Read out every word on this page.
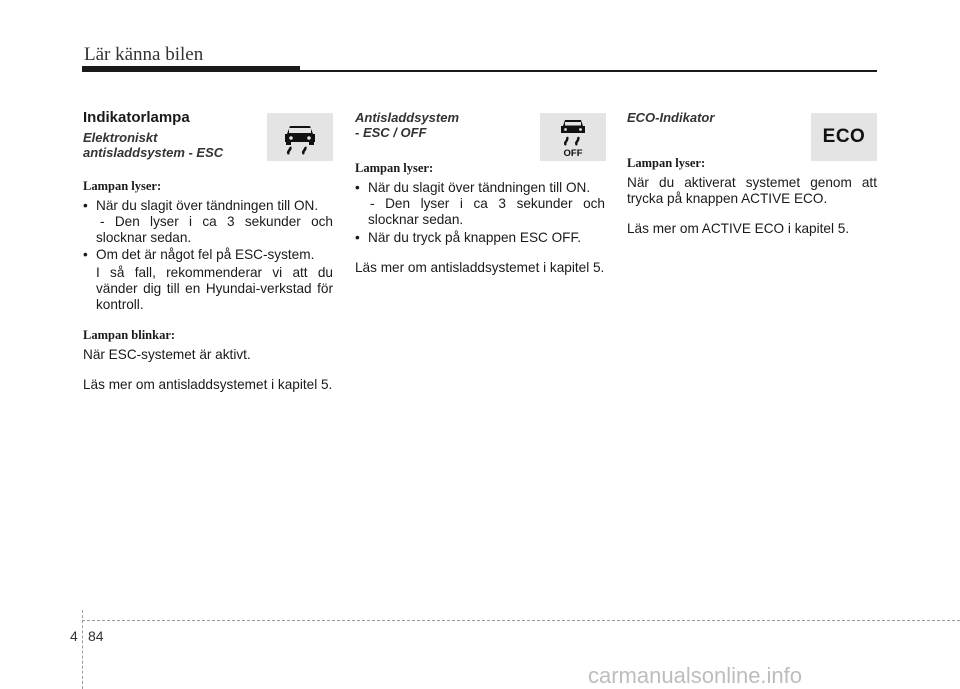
Lär känna bilen

Indikatorlampa

Elektroniskt antisladdsystem - ESC

Lampan lyser:

• När du slagit över tändningen till ON.

- Den lyser i ca 3 sekunder och slocknar sedan.

• Om det är något fel på ESC-system.

I så fall, rekommenderar vi att du vänder dig till en Hyundai-verkstad för kontroll.

Lampan blinkar:

När ESC-systemet är aktivt.

Läs mer om antisladdsystemet i kapitel 5.

Antisladdsystem

- ESC / OFF

Lampan lyser:

• När du slagit över tändningen till ON.

- Den lyser i ca 3 sekunder och slocknar sedan.

• När du tryck på knappen ESC OFF.

Läs mer om antisladdsystemet i kapitel 5.

OFF

ECO-Indikator

Lampan lyser:

När du aktiverat systemet genom att trycka på knappen ACTIVE ECO.

Läs mer om ACTIVE ECO i kapitel 5.

ECO
4 84
carmanualsonline.info
